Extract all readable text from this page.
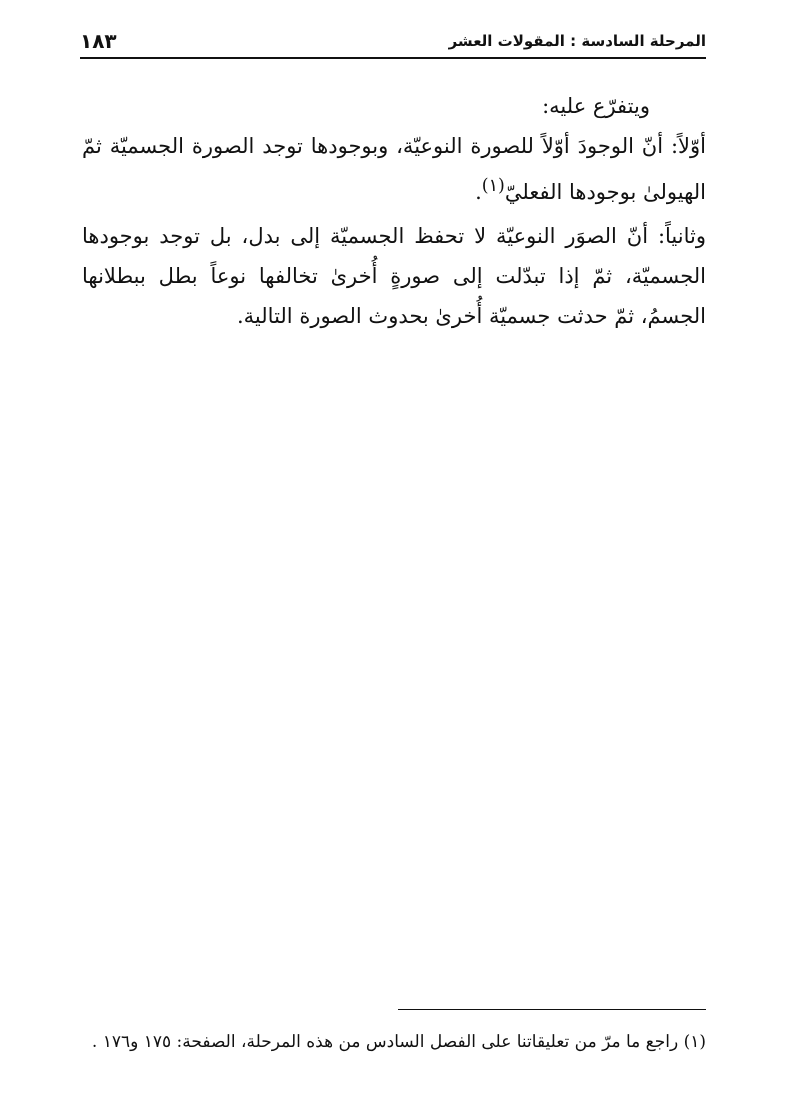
المرحلة السادسة : المقولات العشر
١٨٣

ويتفرّع عليه:

أوّلاً: أنّ الوجودَ أوّلاً للصورة النوعيّة، وبوجودها توجد الصورة الجسميّة ثمّ الهيولىٰ بوجودها الفعليّ$^{(١)}$.

وثانياً: أنّ الصوَر النوعيّة لا تحفظ الجسميّة إلى بدل، بل توجد بوجودها الجسميّة، ثمّ إذا تبدّلت إلى صورةٍ أُخرىٰ تخالفها نوعاً بطل ببطلانها الجسمُ، ثمّ حدثت جسميّة أُخرىٰ بحدوث الصورة التالية.

(١) راجع ما مرّ من تعليقاتنا على الفصل السادس من هذه المرحلة، الصفحة: ١٧٥ و١٧٦ .
